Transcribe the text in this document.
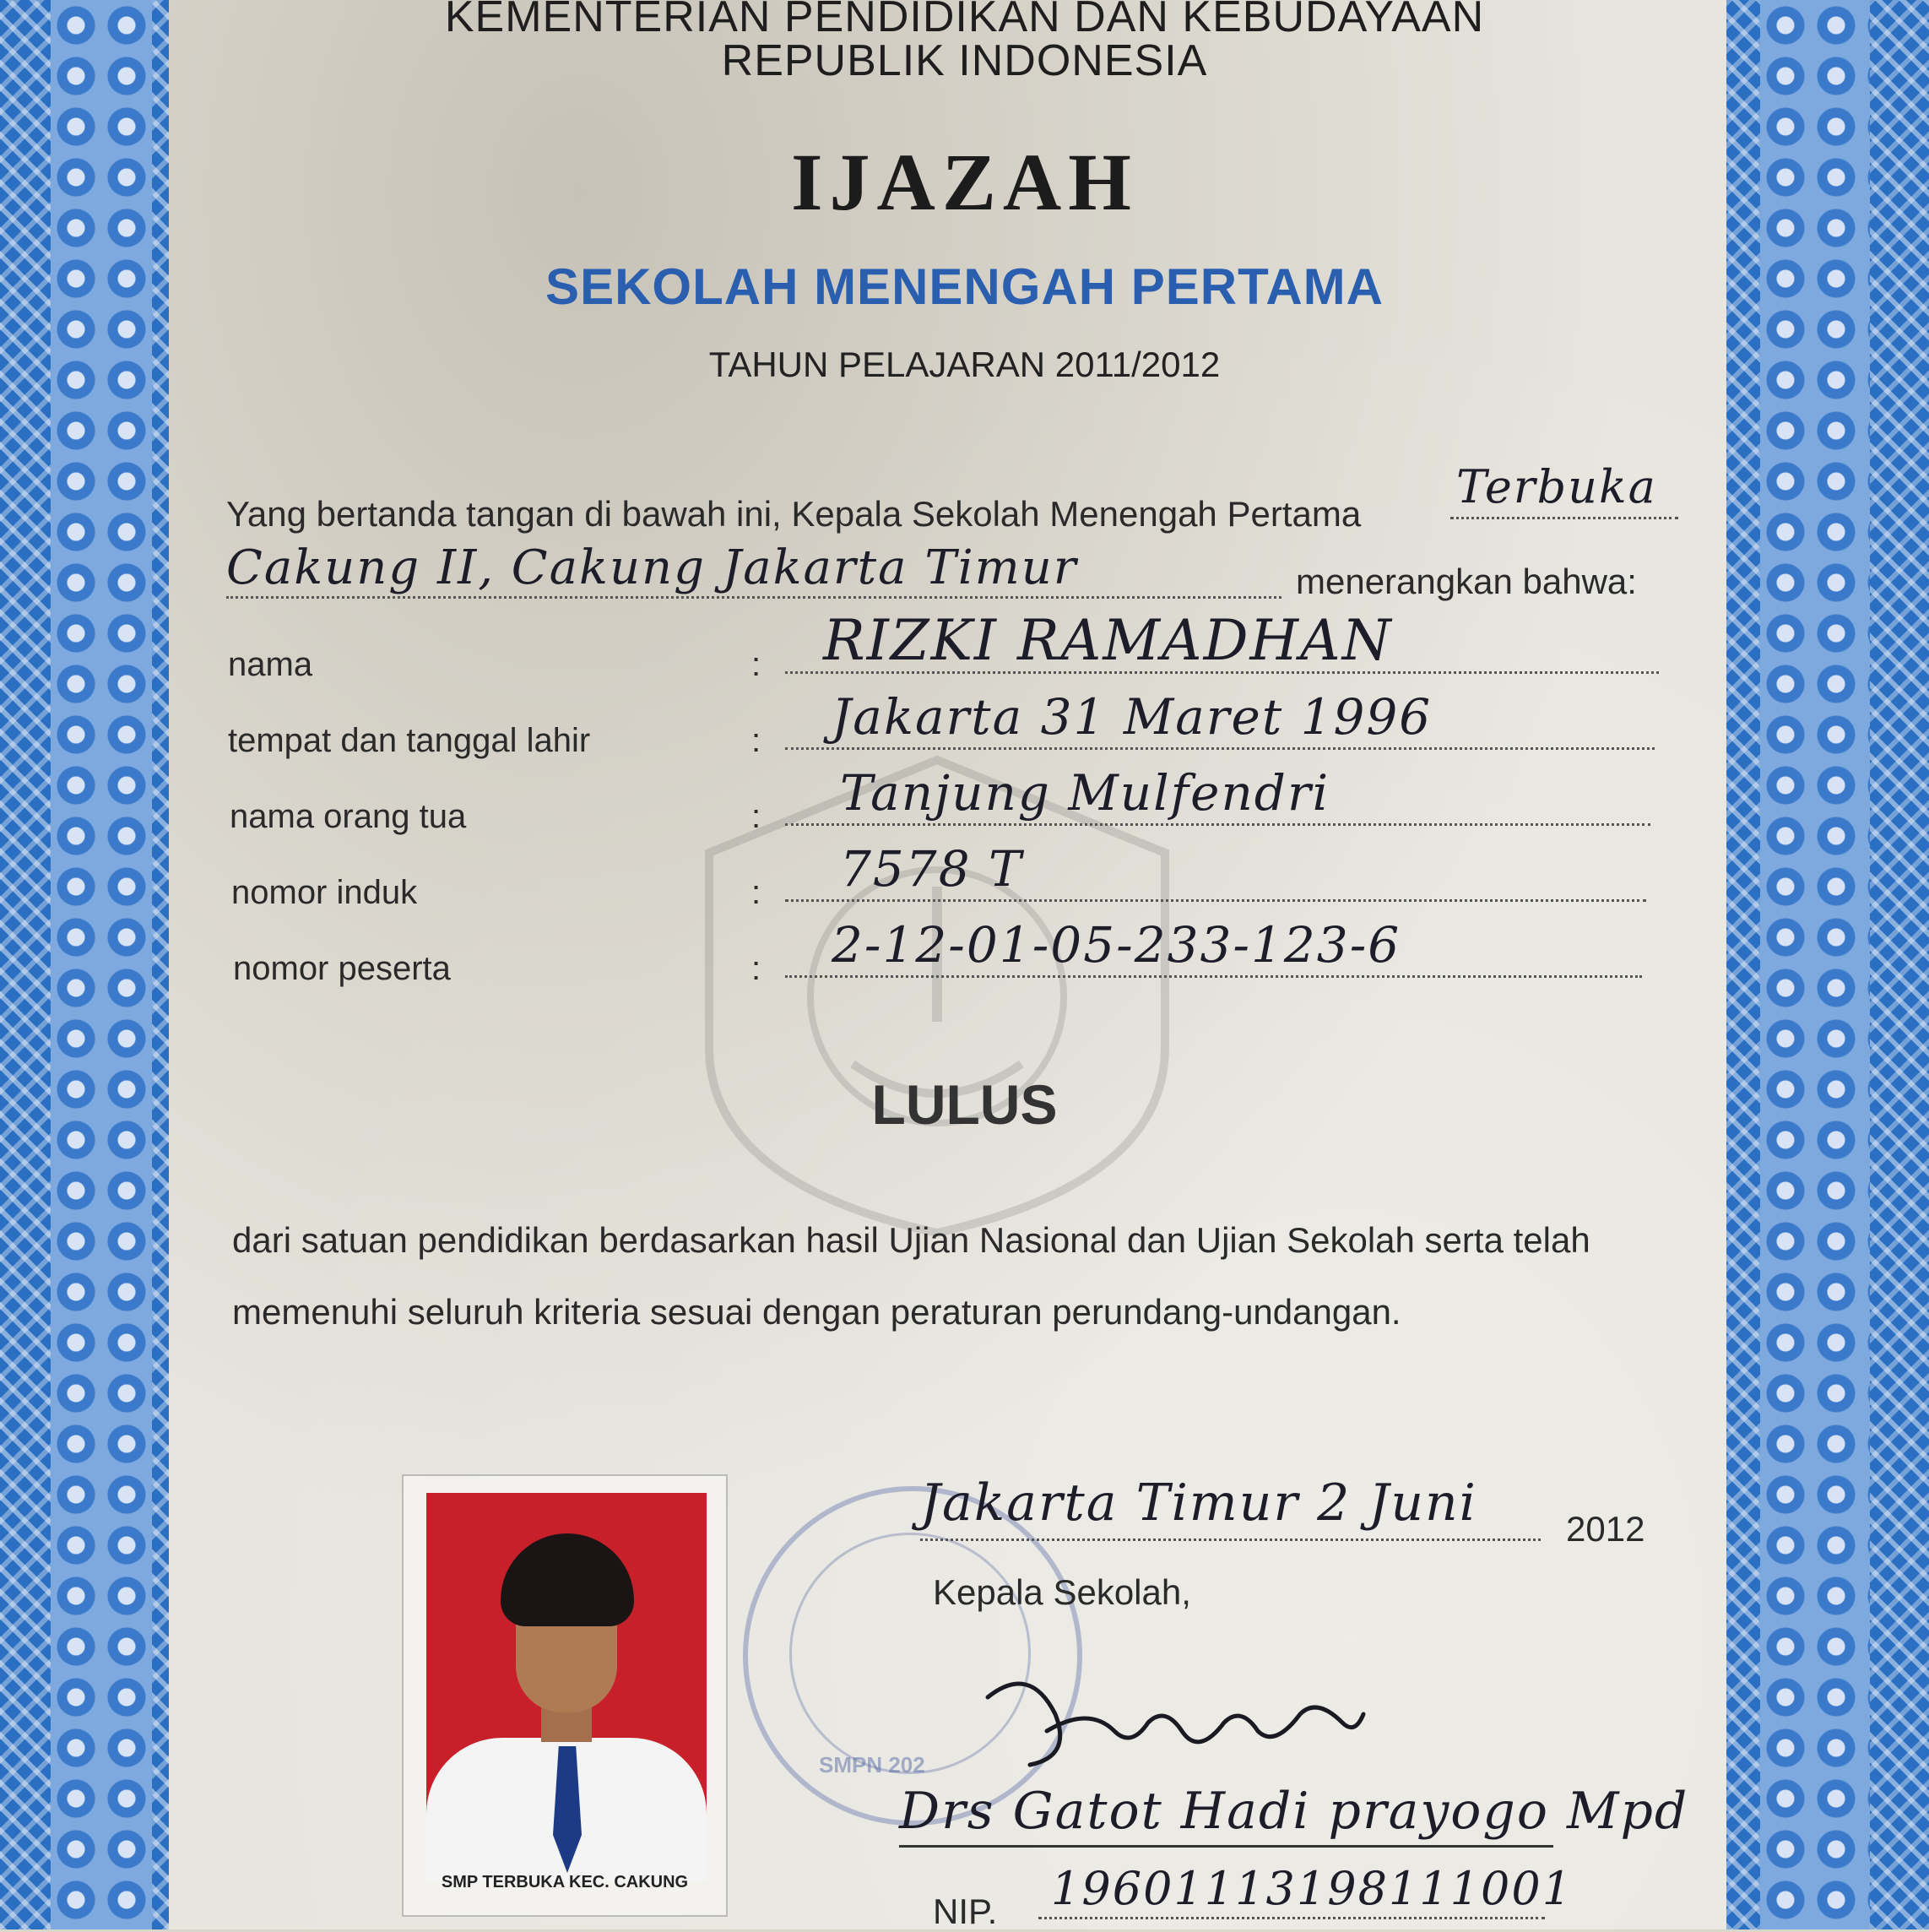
KEMENTERIAN PENDIDIKAN DAN KEBUDAYAAN
REPUBLIK INDONESIA
IJAZAH
SEKOLAH MENENGAH PERTAMA
TAHUN PELAJARAN 2011/2012
Yang bertanda tangan di bawah ini, Kepala Sekolah Menengah Pertama
Terbuka
Cakung II, Cakung Jakarta Timur	menerangkan bahwa:
nama	: RIZKI RAMADHAN
tempat dan tanggal lahir	: Jakarta 31 Maret 1996
nama orang tua	: Tanjung Mulfendri
nomor induk	: 7578 T
nomor peserta	: 2-12-01-05-233-123-6
LULUS
dari satuan pendidikan berdasarkan hasil Ujian Nasional dan Ujian Sekolah serta telah
memenuhi seluruh kriteria sesuai dengan peraturan perundang-undangan.
SMP TERBUKA KEC. CAKUNG
SMPN 202
Jakarta Timur 2 Juni	2012
Kepala Sekolah,
Drs Gatot Hadi prayogo Mpd
NIP. 19601113198111001
